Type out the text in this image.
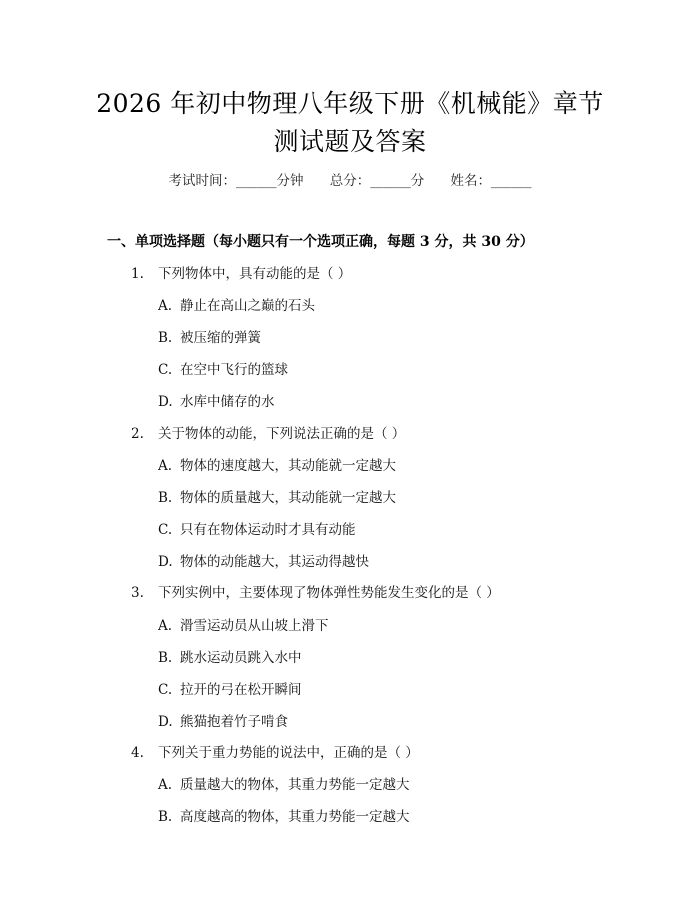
2026 年初中物理八年级下册《机械能》章节
测试题及答案
考试时间：______分钟 总分：______分 姓名：______
一、单项选择题（每小题只有一个选项正确，每题 3 分，共 30 分）
1. 下列物体中，具有动能的是（ ）
A. 静止在高山之巅的石头
B. 被压缩的弹簧
C. 在空中飞行的篮球
D. 水库中储存的水
2. 关于物体的动能，下列说法正确的是（ ）
A. 物体的速度越大，其动能就一定越大
B. 物体的质量越大，其动能就一定越大
C. 只有在物体运动时才具有动能
D. 物体的动能越大，其运动得越快
3. 下列实例中，主要体现了物体弹性势能发生变化的是（ ）
A. 滑雪运动员从山坡上滑下
B. 跳水运动员跳入水中
C. 拉开的弓在松开瞬间
D. 熊猫抱着竹子啃食
4. 下列关于重力势能的说法中，正确的是（ ）
A. 质量越大的物体，其重力势能一定越大
B. 高度越高的物体，其重力势能一定越大
